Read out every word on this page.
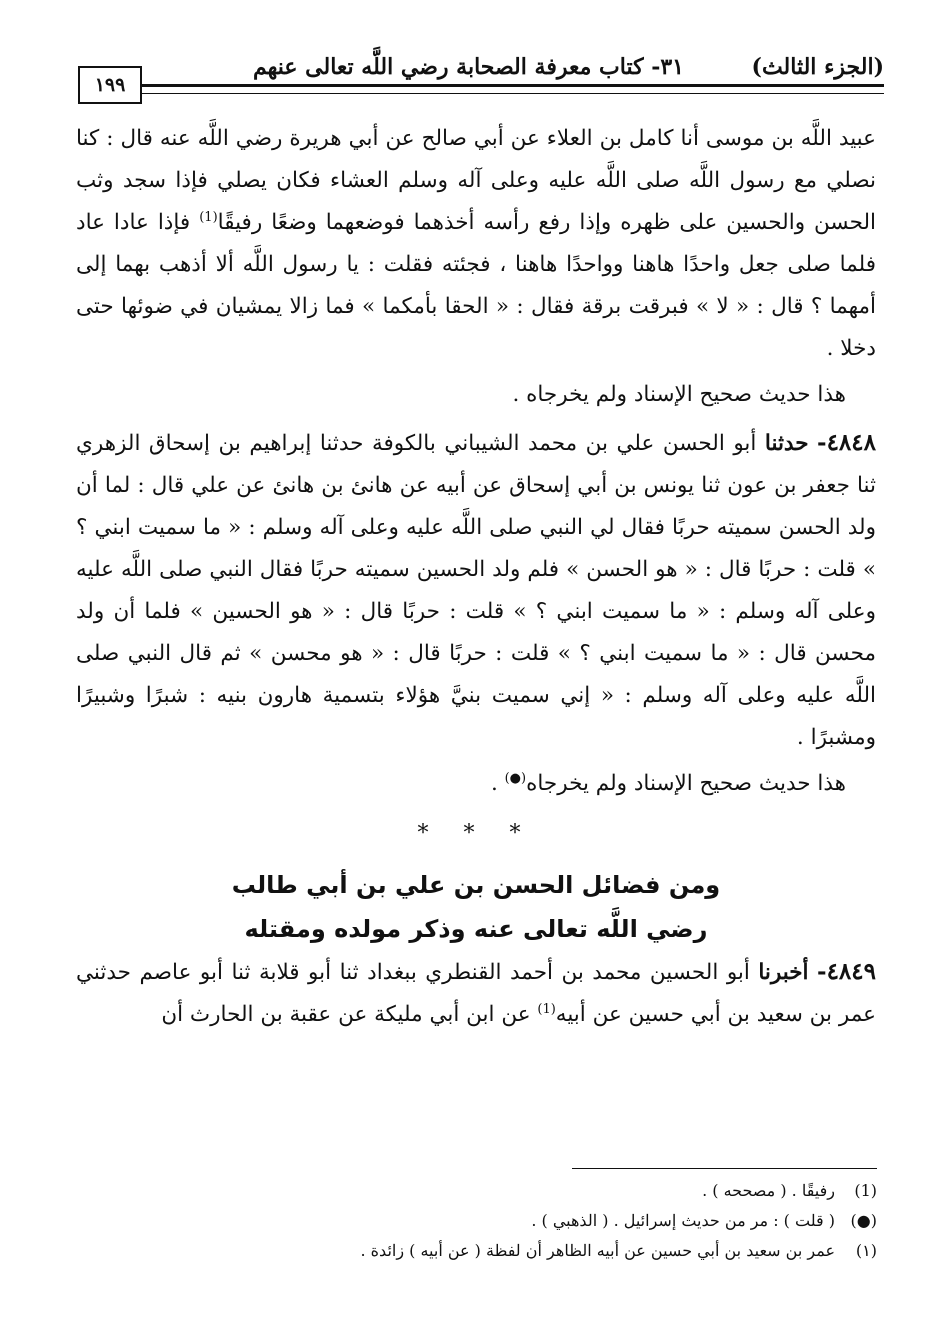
(الجزء الثالث)
٣١- كتاب معرفة الصحابة رضي اللَّه تعالى عنهم
١٩٩

عبيد اللَّه بن موسى أنا كامل بن العلاء عن أبي صالح عن أبي هريرة رضي اللَّه عنه قال : كنا نصلي مع رسول اللَّه صلى اللَّه عليه وعلى آله وسلم العشاء فكان يصلي فإذا سجد وثب الحسن والحسين على ظهره وإذا رفع رأسه أخذهما فوضعهما وضعًا رفيقًا$^{(1)}$ فإذا عادا عاد فلما صلى جعل واحدًا هاهنا وواحدًا هاهنا ، فجئته فقلت : يا رسول اللَّه ألا أذهب بهما إلى أمهما ؟ قال : « لا » فبرقت برقة فقال : « الحقا بأمكما » فما زالا يمشيان في ضوئها حتى دخلا .

هذا حديث صحيح الإسناد ولم يخرجاه .

٤٨٤٨- حدثنا أبو الحسن علي بن محمد الشيباني بالكوفة حدثنا إبراهيم بن إسحاق الزهري ثنا جعفر بن عون ثنا يونس بن أبي إسحاق عن أبيه عن هانئ بن هانئ عن علي قال : لما أن ولد الحسن سميته حربًا فقال لي النبي صلى اللَّه عليه وعلى آله وسلم : « ما سميت ابني ؟ » قلت : حربًا قال : « هو الحسن » فلم ولد الحسين سميته حربًا فقال النبي صلى اللَّه عليه وعلى آله وسلم : « ما سميت ابني ؟ » قلت : حربًا قال : « هو الحسين » فلما أن ولد محسن قال : « ما سميت ابني ؟ » قلت : حربًا قال : « هو محسن » ثم قال النبي صلى اللَّه عليه وعلى آله وسلم : « إني سميت بنيَّ هؤلاء بتسمية هارون بنيه : شبرًا وشبيرًا ومشبرًا .

هذا حديث صحيح الإسناد ولم يخرجاه(●) .

* * *

ومن فضائل الحسن بن علي بن أبي طالب

رضي اللَّه تعالى عنه وذكر مولده ومقتله

٤٨٤٩- أخبرنا أبو الحسين محمد بن أحمد القنطري ببغداد ثنا أبو قلابة ثنا أبو عاصم حدثني عمر بن سعيد بن أبي حسين عن أبيه$^{(1)}$ عن ابن أبي مليكة عن عقبة بن الحارث أن

(1)رفيقًا . ( مصححه ) .

(●)( قلت ) : مر من حديث إسرائيل . ( الذهبي ) .

(١)عمر بن سعيد بن أبي حسين عن أبيه الظاهر أن لفظة ( عن أبيه ) زائدة .
